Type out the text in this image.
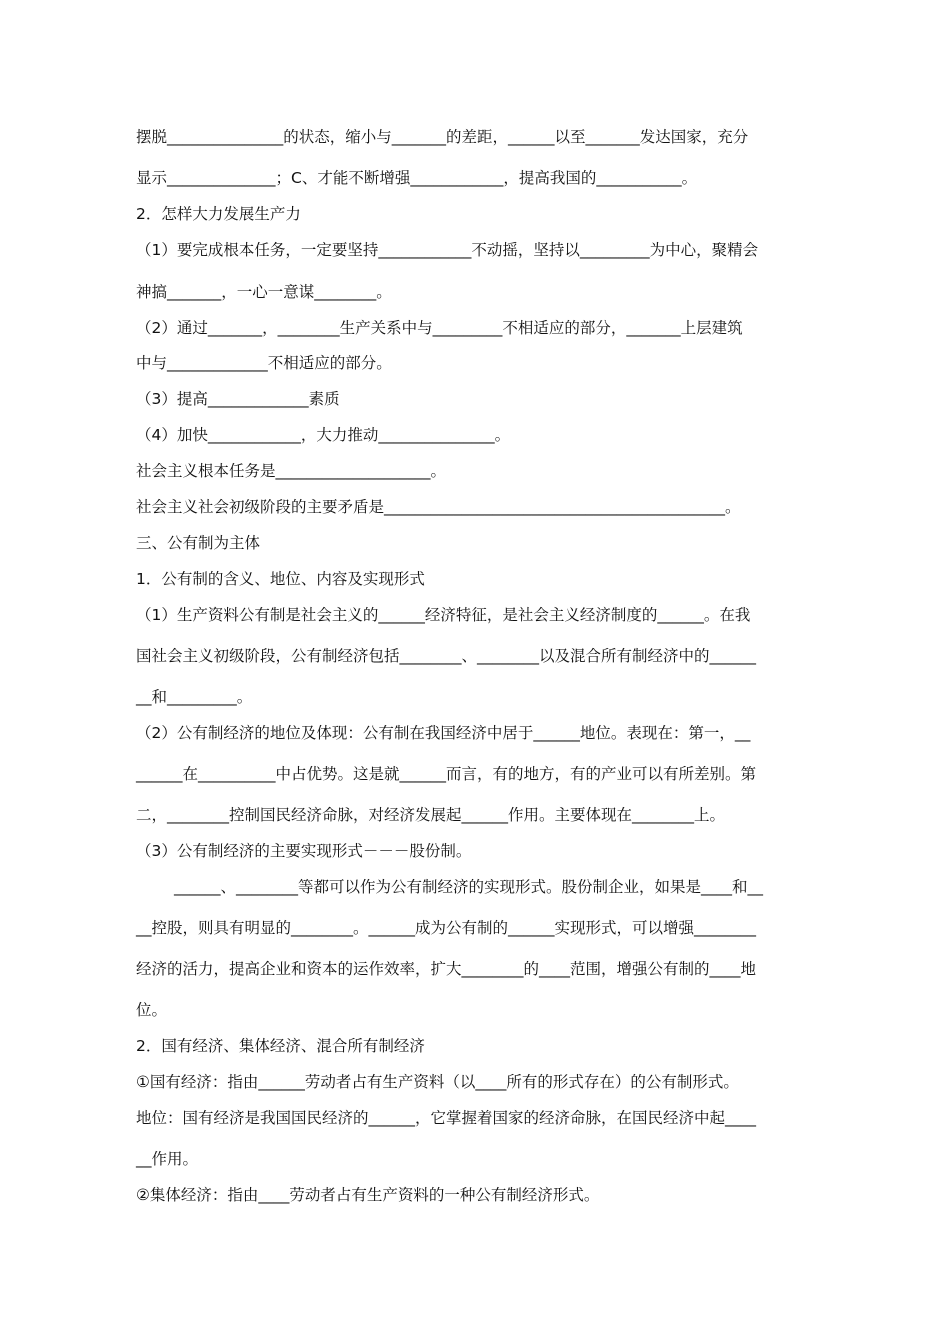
摆脱_______________的状态，缩小与_______的差距，______以至_______发达国家，充分
显示______________；C、才能不断增强____________，提高我国的___________。
2．怎样大力发展生产力
（1）要完成根本任务，一定要坚持____________不动摇，坚持以_________为中心，聚精会
神搞_______，一心一意谋________。
（2）通过_______，________生产关系中与_________不相适应的部分，_______上层建筑
中与_____________不相适应的部分。
（3）提高_____________素质
（4）加快____________，大力推动_______________。
社会主义根本任务是____________________。
社会主义社会初级阶段的主要矛盾是____________________________________________。
三、公有制为主体
1．公有制的含义、地位、内容及实现形式
（1）生产资料公有制是社会主义的______经济特征，是社会主义经济制度的______。在我
国社会主义初级阶段，公有制经济包括________、________以及混合所有制经济中的______
__和_________。
（2）公有制经济的地位及体现：公有制在我国经济中居于______地位。表现在：第一，__
______在__________中占优势。这是就______而言，有的地方，有的产业可以有所差别。第
二，________控制国民经济命脉，对经济发展起______作用。主要体现在________上。
（3）公有制经济的主要实现形式－－－股份制。
______、________等都可以作为公有制经济的实现形式。股份制企业，如果是____和__
__控股，则具有明显的________。______成为公有制的______实现形式，可以增强________
经济的活力，提高企业和资本的运作效率，扩大________的____范围，增强公有制的____地
位。
2．国有经济、集体经济、混合所有制经济
①国有经济：指由______劳动者占有生产资料（以____所有的形式存在）的公有制形式。
地位：国有经济是我国国民经济的______，它掌握着国家的经济命脉，在国民经济中起____
__作用。
②集体经济：指由____劳动者占有生产资料的一种公有制经济形式。
